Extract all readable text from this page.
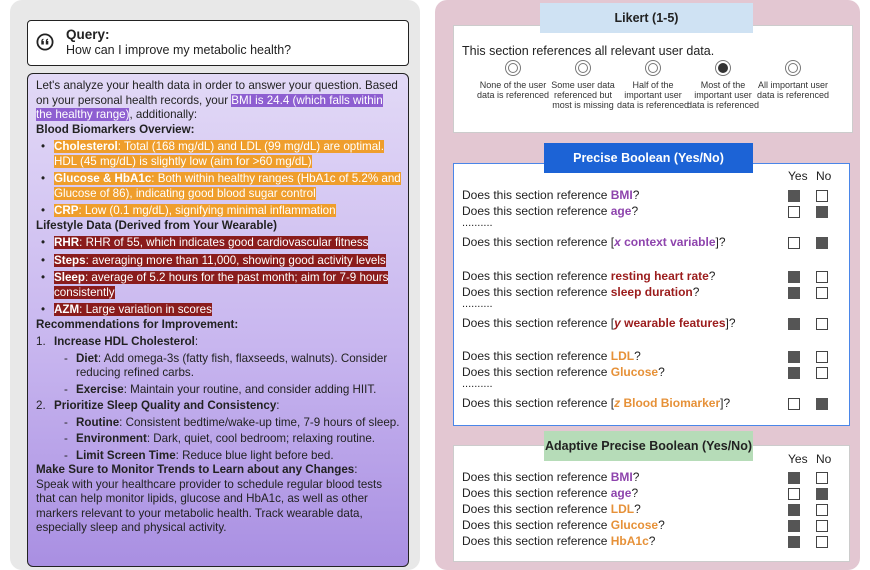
Query:
How can I improve my metabolic health?

Let's analyze your health data in order to answer your question. Based on your personal health records, your BMI is 24.4 (which falls within the healthy range), additionally:

Blood Biomarkers Overview:

• Cholesterol: Total (168 mg/dL) and LDL (99 mg/dL) are optimal. HDL (45 mg/dL) is slightly low (aim for >60 mg/dL)
• Glucose & HbA1c: Both within healthy ranges (HbA1c of 5.2% and Glucose of 86), indicating good blood sugar control
• CRP: Low (0.1 mg/dL), signifying minimal inflammation

Lifestyle Data (Derived from Your Wearable)

• RHR: RHR of 55, which indicates good cardiovascular fitness
• Steps: averaging more than 11,000, showing good activity levels
• Sleep: average of 5.2 hours for the past month; aim for 7-9 hours consistently
• AZM: Large variation in scores

Recommendations for Improvement:

1. Increase HDL Cholesterol:
- Diet: Add omega-3s (fatty fish, flaxseeds, walnuts). Consider reducing refined carbs.
- Exercise: Maintain your routine, and consider adding HIIT.
2. Prioritize Sleep Quality and Consistency:
- Routine: Consistent bedtime/wake-up time, 7-9 hours of sleep.
- Environment: Dark, quiet, cool bedroom; relaxing routine.
- Limit Screen Time: Reduce blue light before bed.

Make Sure to Monitor Trends to Learn about any Changes:

Speak with your healthcare provider to schedule regular blood tests that can help monitor lipids, glucose and HbA1c, as well as other markers relevant to your metabolic health. Track wearable data, especially sleep and physical activity.

Likert (1-5)
This section references all relevant user data.
None of the user data is referenced
Some user data referenced but most is missing
Half of the important user data is referenced
Most of the important user data is referenced
All important user data is referenced
Precise Boolean (Yes/No)
Yes No
Does this section reference BMI?
Does this section reference age?
..........
Does this section reference [x context variable]?
Does this section reference resting heart rate?
Does this section reference sleep duration?
..........
Does this section reference [y wearable features]?
Does this section reference LDL?
Does this section reference Glucose?
..........
Does this section reference [z Blood Biomarker]?
Adaptive Precise Boolean (Yes/No)
Yes No
Does this section reference BMI?
Does this section reference age?
Does this section reference LDL?
Does this section reference Glucose?
Does this section reference HbA1c?
